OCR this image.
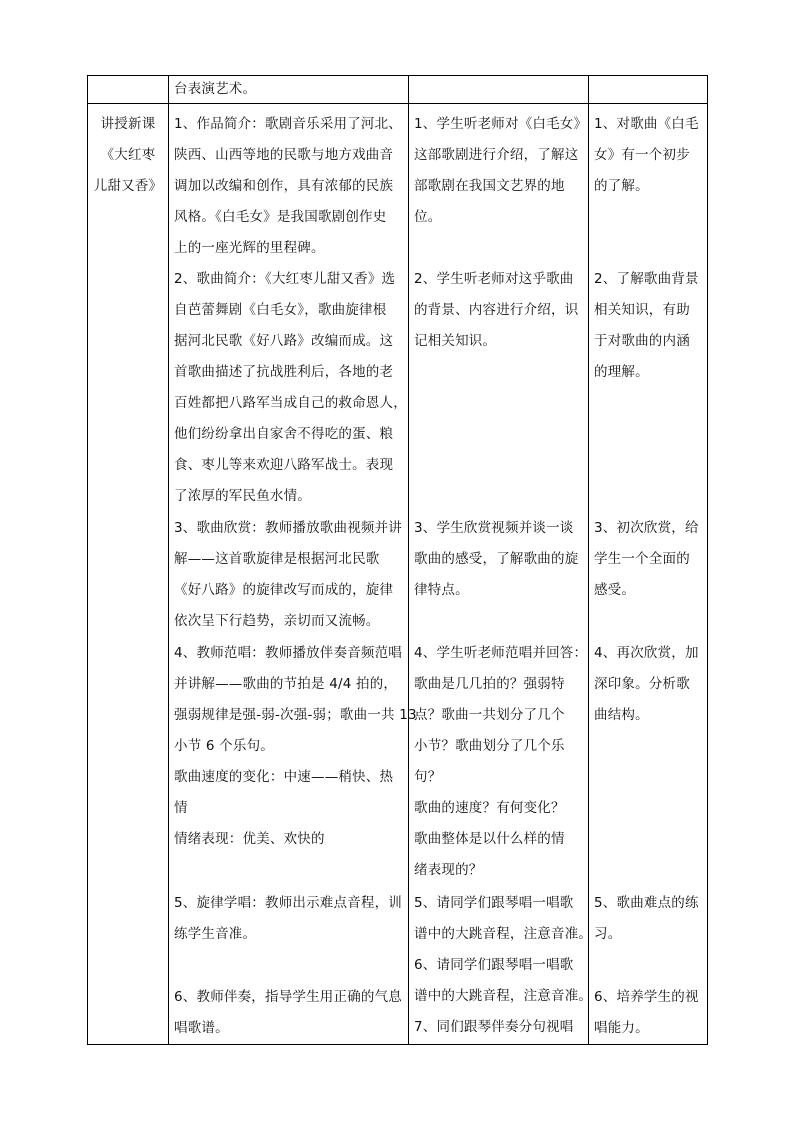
台表演艺术。
讲授新课
《大红枣
儿甜又香》
1、作品简介：歌剧音乐采用了河北、
陕西、山西等地的民歌与地方戏曲音
调加以改编和创作，具有浓郁的民族
风格。《白毛女》是我国歌剧创作史
上的一座光辉的里程碑。
1、学生听老师对《白毛女》
这部歌剧进行介绍，了解这
部歌剧在我国文艺界的地
位。
1、对歌曲《白毛
女》有一个初步
的了解。
2、歌曲简介：《大红枣儿甜又香》选
自芭蕾舞剧《白毛女》，歌曲旋律根
据河北民歌《好八路》改编而成。这
首歌曲描述了抗战胜利后，各地的老
百姓都把八路军当成自己的救命恩人，
他们纷纷拿出自家舍不得吃的蛋、粮
食、枣儿等来欢迎八路军战士。表现
了浓厚的军民鱼水情。
2、学生听老师对这乎歌曲
的背景、内容进行介绍，识
记相关知识。
2、了解歌曲背景
相关知识，有助
于对歌曲的内涵
的理解。
3、歌曲欣赏：教师播放歌曲视频并讲
解——这首歌旋律是根据河北民歌
《好八路》的旋律改写而成的，旋律
依次呈下行趋势，亲切而又流畅。
3、学生欣赏视频并谈一谈
歌曲的感受，了解歌曲的旋
律特点。
3、初次欣赏，给
学生一个全面的
感受。
4、教师范唱：教师播放伴奏音频范唱
并讲解——歌曲的节拍是 4/4 拍的，
强弱规律是强-弱-次强-弱；歌曲一共 13
小节 6 个乐句。
歌曲速度的变化：中速——稍快、热
情
情绪表现：优美、欢快的
4、学生听老师范唱并回答：
歌曲是几几拍的？强弱特
点？歌曲一共划分了几个
小节？歌曲划分了几个乐
句？
歌曲的速度？有何变化？
歌曲整体是以什么样的情
绪表现的？
4、再次欣赏，加
深印象。分析歌
曲结构。
5、旋律学唱：教师出示难点音程，训
练学生音准。
5、请同学们跟琴唱一唱歌
谱中的大跳音程，注意音准。
6、请同学们跟琴唱一唱歌
谱中的大跳音程，注意音准。
7、同们跟琴伴奏分句视唱
5、歌曲难点的练
习。
6、教师伴奏，指导学生用正确的气息
唱歌谱。
6、培养学生的视
唱能力。
